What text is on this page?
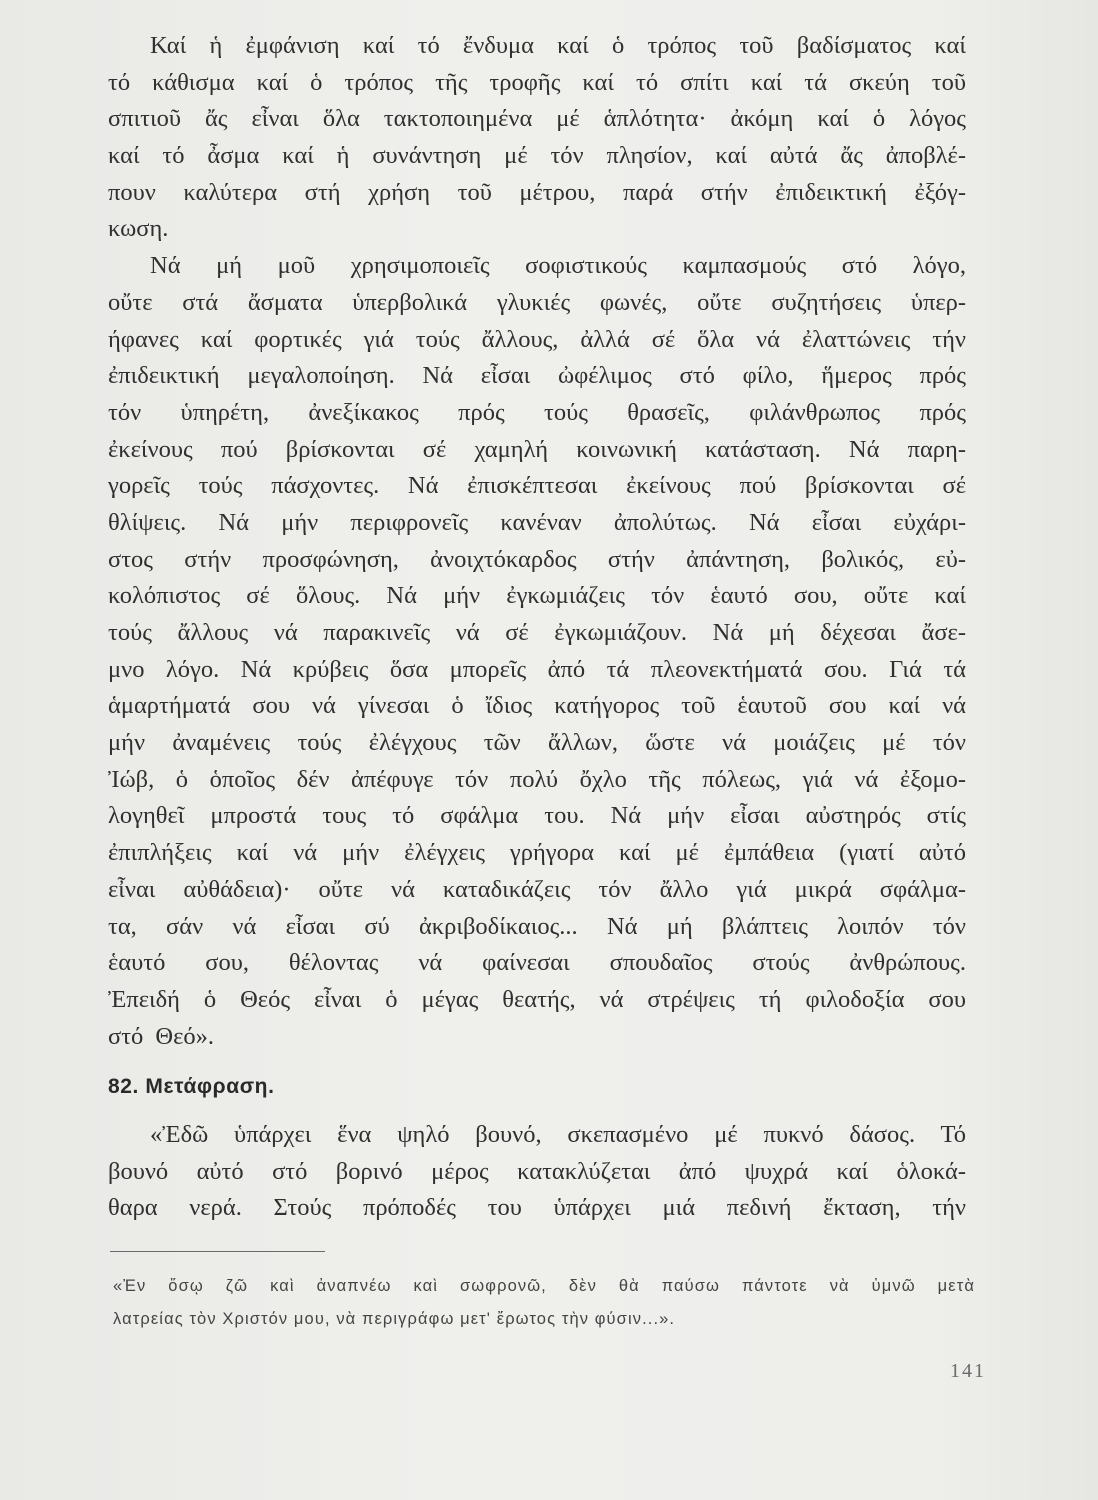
Καί ἡ ἐμφάνιση καί τό ἔνδυμα καί ὁ τρόπος τοῦ βαδίσματος καί
τό κάθισμα καί ὁ τρόπος τῆς τροφῆς καί τό σπίτι καί τά σκεύη τοῦ
σπιτιοῦ ἄς εἶναι ὅλα τακτοποιημένα μέ ἁπλότητα· ἀκόμη καί ὁ λόγος
καί τό ἆσμα καί ἡ συνάντηση μέ τόν πλησίον, καί αὐτά ἄς ἀποβλέ-
πουν καλύτερα στή χρήση τοῦ μέτρου, παρά στήν ἐπιδεικτική ἐξόγ-
κωση.
Νά μή μοῦ χρησιμοποιεῖς σοφιστικούς καμπασμούς στό λόγο,
οὔτε στά ἄσματα ὑπερβολικά γλυκιές φωνές, οὔτε συζητήσεις ὑπερ-
ήφανες καί φορτικές γιά τούς ἄλλους, ἀλλά σέ ὅλα νά ἐλαττώνεις τήν
ἐπιδεικτική μεγαλοποίηση. Νά εἶσαι ὠφέλιμος στό φίλο, ἥμερος πρός
τόν ὑπηρέτη, ἀνεξίκακος πρός τούς θρασεῖς, φιλάνθρωπος πρός
ἐκείνους πού βρίσκονται σέ χαμηλή κοινωνική κατάσταση. Νά παρη-
γορεῖς τούς πάσχοντες. Νά ἐπισκέπτεσαι ἐκείνους πού βρίσκονται σέ
θλίψεις. Νά μήν περιφρονεῖς κανέναν ἀπολύτως. Νά εἶσαι εὐχάρι-
στος στήν προσφώνηση, ἀνοιχτόκαρδος στήν ἀπάντηση, βολικός, εὐ-
κολόπιστος σέ ὅλους. Νά μήν ἐγκωμιάζεις τόν ἑαυτό σου, οὔτε καί
τούς ἄλλους νά παρακινεῖς νά σέ ἐγκωμιάζουν. Νά μή δέχεσαι ἄσε-
μνο λόγο. Νά κρύβεις ὅσα μπορεῖς ἀπό τά πλεονεκτήματά σου. Γιά τά
ἁμαρτήματά σου νά γίνεσαι ὁ ἴδιος κατήγορος τοῦ ἑαυτοῦ σου καί νά
μήν ἀναμένεις τούς ἐλέγχους τῶν ἄλλων, ὥστε νά μοιάζεις μέ τόν
Ἰώβ, ὁ ὁποῖος δέν ἀπέφυγε τόν πολύ ὄχλο τῆς πόλεως, γιά νά ἐξομο-
λογηθεῖ μπροστά τους τό σφάλμα του. Νά μήν εἶσαι αὐστηρός στίς
ἐπιπλήξεις καί νά μήν ἐλέγχεις γρήγορα καί μέ ἐμπάθεια (γιατί αὐτό
εἶναι αὐθάδεια)· οὔτε νά καταδικάζεις τόν ἄλλο γιά μικρά σφάλμα-
τα, σάν νά εἶσαι σύ ἀκριβοδίκαιος... Νά μή βλάπτεις λοιπόν τόν
ἑαυτό σου, θέλοντας νά φαίνεσαι σπουδαῖος στούς ἀνθρώπους.
Ἐπειδή ὁ Θεός εἶναι ὁ μέγας θεατής, νά στρέψεις τή φιλοδοξία σου
στό Θεό».
82. Μετάφραση.
«Ἐδῶ ὑπάρχει ἕνα ψηλό βουνό, σκεπασμένο μέ πυκνό δάσος. Τό
βουνό αὐτό στό βορινό μέρος κατακλύζεται ἀπό ψυχρά καί ὁλοκά-
θαρα νερά. Στούς πρόποδές του ὑπάρχει μιά πεδινή ἔκταση, τήν
«Ἐν ὅσῳ ζῶ καὶ ἀναπνέω καὶ σωφρονῶ, δὲν θὰ παύσω πάντοτε νὰ ὑμνῶ μετὰ
λατρείας τὸν Χριστόν μου, νὰ περιγράφω μετ' ἔρωτος τὴν φύσιν...».
141
